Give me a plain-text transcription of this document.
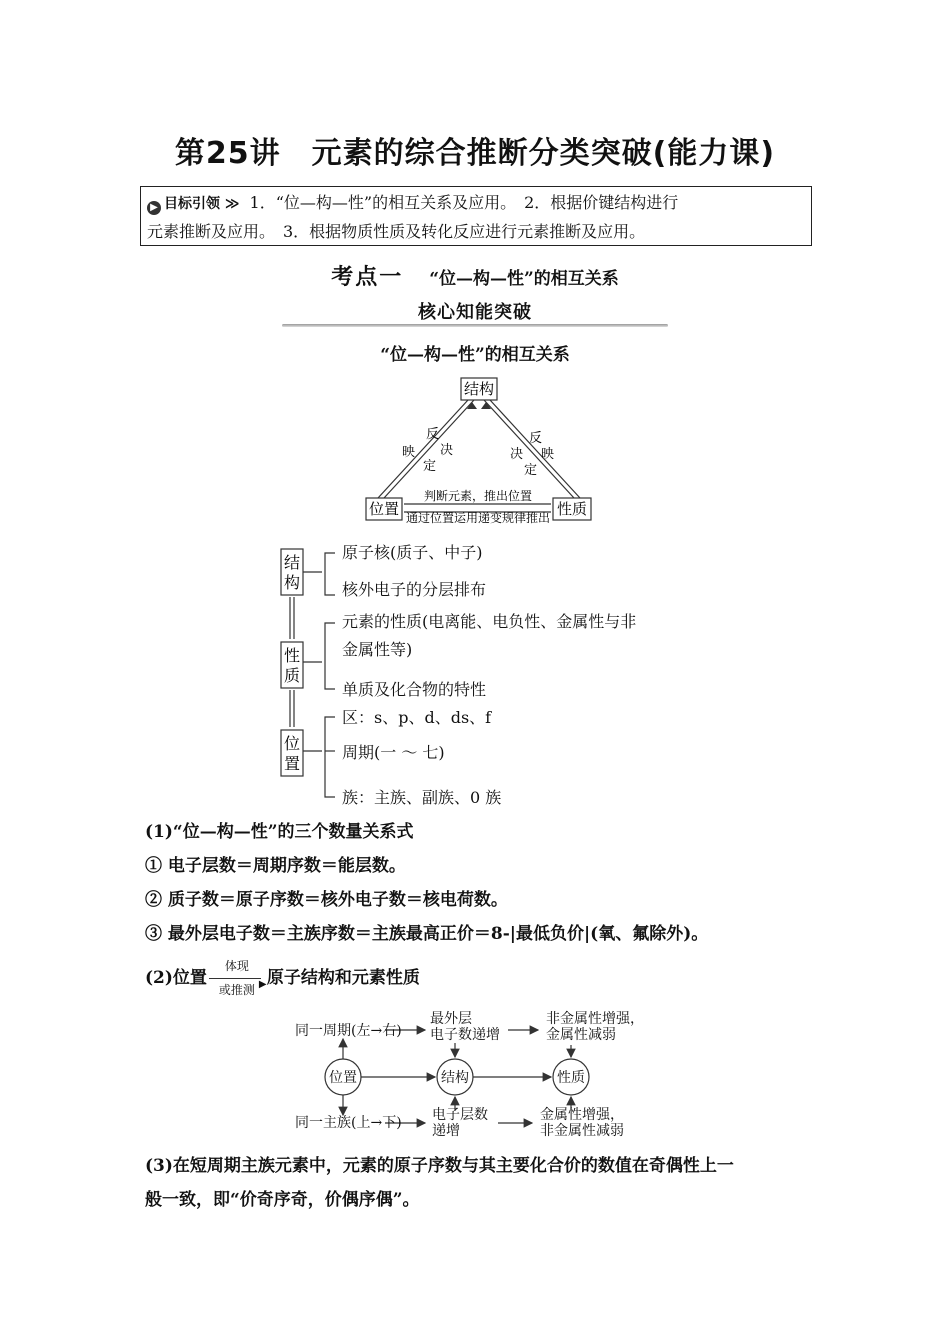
第25讲　元素的综合推断分类突破(能力课)
▶ 目标引领 ≫ 1．“位—构—性”的相互关系及应用。　2．根据价键结构进行
元素推断及应用。　3．根据物质性质及转化反应进行元素推断及应用。
考点一 “位—构—性”的相互关系
核心知能突破
“位—构—性”的相互关系
结构
位置	性质
反
映 决
定
反
映
决
定
判断元素，推出位置
通过位置运用递变规律推出
结
构
性
质
位
置
原子核(质子、中子)
核外电子的分层排布
元素的性质(电离能、电负性、金属性与非
金属性等)
单质及化合物的特性
区：s、p、d、ds、f
周期(一 ～ 七)
族：主族、副族、0 族
(1)“位—构—性”的三个数量关系式
① 电子层数＝周期序数＝能层数。
② 质子数＝原子序数＝核外电子数＝核电荷数。
③ 最外层电子数＝主族序数＝主族最高正价＝8-|最低负价|(氧、氟除外)。
(2)位置
体现
▶
或推测
原子结构和元素性质
位置	结构	性质
同一周期(左→右)
最外层
电子数递增
非金属性增强，
金属性减弱
同一主族(上→下) 电子层数
递增
金属性增强，
非金属性减弱
(3)在短周期主族元素中，元素的原子序数与其主要化合价的数值在奇偶性上一
般一致，即“价奇序奇，价偶序偶”。
